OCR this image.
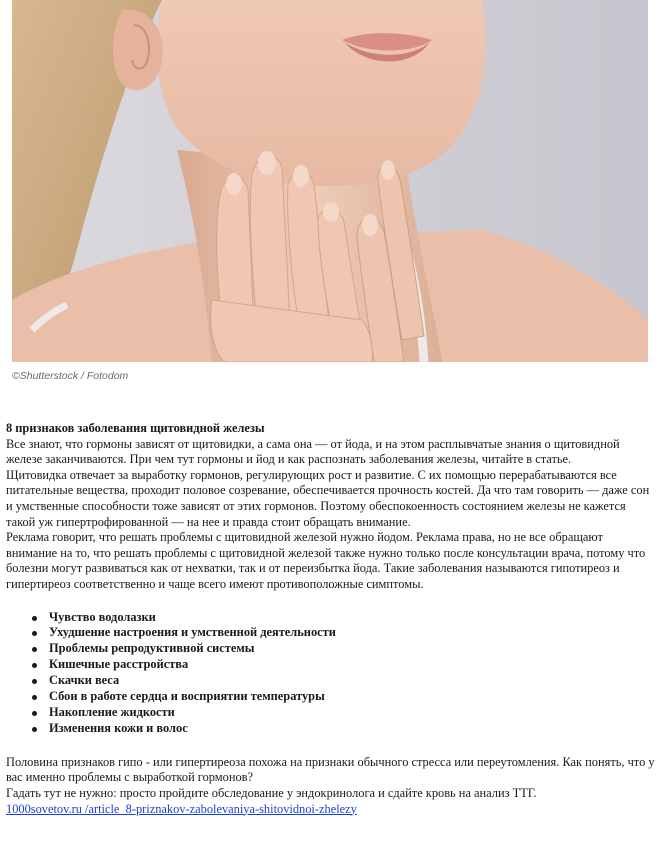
©Shutterstock / Fotodom
8 признаков заболевания щитовидной железы

Все знают, что гормоны зависят от щитовидки, а сама она — от йода, и на этом расплывчатые знания о щитовидной железе заканчиваются. При чем тут гормоны и йод и как распознать заболевания железы, читайте в статье.

Щитовидка отвечает за выработку гормонов, регулирующих рост и развитие. С их помощью перерабатываются все питательные вещества, проходит половое созревание, обеспечивается прочность костей. Да что там говорить — даже сон и умственные способности тоже зависят от этих гормонов. Поэтому обеспокоенность состоянием железы не кажется такой уж гипертрофированной — на нее и правда стоит обращать внимание.

Реклама говорит, что решать проблемы с щитовидной железой нужно йодом. Реклама права, но не все обращают внимание на то, что решать проблемы с щитовидной железой также нужно только после консультации врача, потому что болезни могут развиваться как от нехватки, так и от переизбытка йода. Такие заболевания называются гипотиреоз и гипертиреоз соответственно и чаще всего имеют противоположные симптомы.

Чувство водолазки
Ухудшение настроения и умственной деятельности
Проблемы репродуктивной системы
Кишечные расстройства
Скачки веса
Сбои в работе сердца и восприятии температуры
Накопление жидкости
Изменения кожи и волос

Половина признаков гипо - или гипертиреоза похожа на признаки обычного стресса или переутомления. Как понять, что у вас именно проблемы с выработкой гормонов?

Гадать тут не нужно: просто пройдите обследование у эндокринолога и сдайте кровь на анализ ТТГ.

1000sovetov.ru /article_8-priznakov-zabolevaniya-shitovidnoi-zhelezy
